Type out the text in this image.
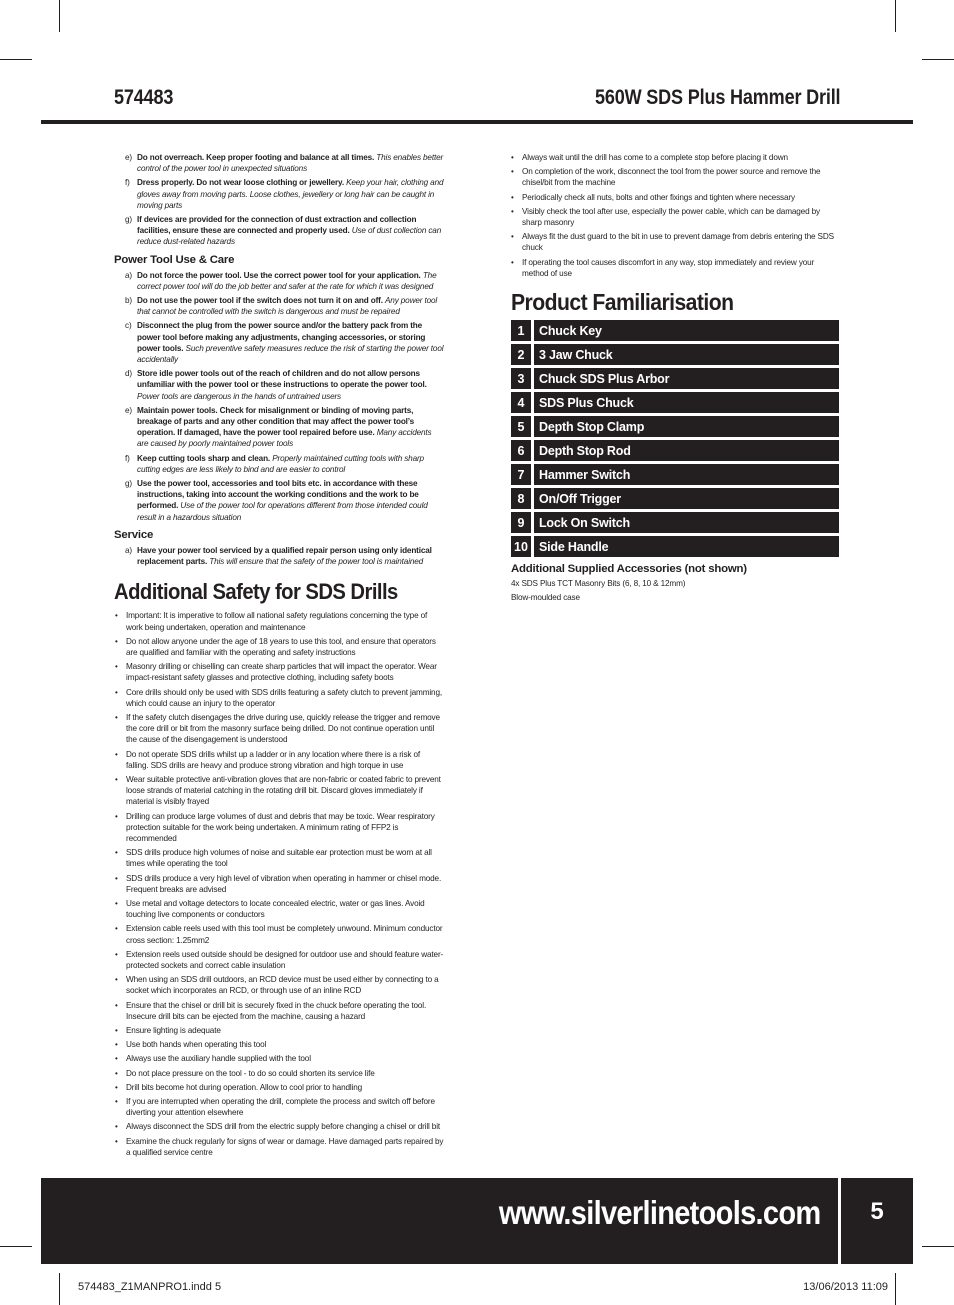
574483	560W SDS Plus Hammer Drill
e) Do not overreach. Keep proper footing and balance at all times. This enables better control of the power tool in unexpected situations
f) Dress properly. Do not wear loose clothing or jewellery. Keep your hair, clothing and gloves away from moving parts. Loose clothes, jewellery or long hair can be caught in moving parts
g) If devices are provided for the connection of dust extraction and collection facilities, ensure these are connected and properly used. Use of dust collection can reduce dust-related hazards
Power Tool Use & Care
a) Do not force the power tool. Use the correct power tool for your application. The correct power tool will do the job better and safer at the rate for which it was designed
b) Do not use the power tool if the switch does not turn it on and off. Any power tool that cannot be controlled with the switch is dangerous and must be repaired
c) Disconnect the plug from the power source and/or the battery pack from the power tool before making any adjustments, changing accessories, or storing power tools. Such preventive safety measures reduce the risk of starting the power tool accidentally
d) Store idle power tools out of the reach of children and do not allow persons unfamiliar with the power tool or these instructions to operate the power tool. Power tools are dangerous in the hands of untrained users
e) Maintain power tools. Check for misalignment or binding of moving parts, breakage of parts and any other condition that may affect the power tool’s operation. If damaged, have the power tool repaired before use. Many accidents are caused by poorly maintained power tools
f) Keep cutting tools sharp and clean. Properly maintained cutting tools with sharp cutting edges are less likely to bind and are easier to control
g) Use the power tool, accessories and tool bits etc. in accordance with these instructions, taking into account the working conditions and the work to be performed. Use of the power tool for operations different from those intended could result in a hazardous situation
Service
a) Have your power tool serviced by a qualified repair person using only identical replacement parts. This will ensure that the safety of the power tool is maintained
Additional Safety for SDS Drills
• Important: It is imperative to follow all national safety regulations concerning the type of work being undertaken, operation and maintenance
• Do not allow anyone under the age of 18 years to use this tool, and ensure that operators are qualified and familiar with the operating and safety instructions
• Masonry drilling or chiselling can create sharp particles that will impact the operator. Wear impact-resistant safety glasses and protective clothing, including safety boots
• Core drills should only be used with SDS drills featuring a safety clutch to prevent jamming, which could cause an injury to the operator
• If the safety clutch disengages the drive during use, quickly release the trigger and remove the core drill or bit from the masonry surface being drilled. Do not continue operation until the cause of the disengagement is understood
• Do not operate SDS drills whilst up a ladder or in any location where there is a risk of falling. SDS drills are heavy and produce strong vibration and high torque in use
• Wear suitable protective anti-vibration gloves that are non-fabric or coated fabric to prevent loose strands of material catching in the rotating drill bit. Discard gloves immediately if material is visibly frayed
• Drilling can produce large volumes of dust and debris that may be toxic. Wear respiratory protection suitable for the work being undertaken. A minimum rating of FFP2 is recommended
• SDS drills produce high volumes of noise and suitable ear protection must be worn at all times while operating the tool
• SDS drills produce a very high level of vibration when operating in hammer or chisel mode. Frequent breaks are advised
• Use metal and voltage detectors to locate concealed electric, water or gas lines. Avoid touching live components or conductors
• Extension cable reels used with this tool must be completely unwound. Minimum conductor cross section: 1.25mm2
• Extension reels used outside should be designed for outdoor use and should feature water-protected sockets and correct cable insulation
• When using an SDS drill outdoors, an RCD device must be used either by connecting to a socket which incorporates an RCD, or through use of an inline RCD
• Ensure that the chisel or drill bit is securely fixed in the chuck before operating the tool. Insecure drill bits can be ejected from the machine, causing a hazard
• Ensure lighting is adequate
• Use both hands when operating this tool
• Always use the auxiliary handle supplied with the tool
• Do not place pressure on the tool - to do so could shorten its service life
• Drill bits become hot during operation. Allow to cool prior to handling
• If you are interrupted when operating the drill, complete the process and switch off before diverting your attention elsewhere
• Always disconnect the SDS drill from the electric supply before changing a chisel or drill bit
• Examine the chuck regularly for signs of wear or damage. Have damaged parts repaired by a qualified service centre
• Always wait until the drill has come to a complete stop before placing it down
• On completion of the work, disconnect the tool from the power source and remove the chisel/bit from the machine
• Periodically check all nuts, bolts and other fixings and tighten where necessary
• Visibly check the tool after use, especially the power cable, which can be damaged by sharp masonry
• Always fit the dust guard to the bit in use to prevent damage from debris entering the SDS chuck
• If operating the tool causes discomfort in any way, stop immediately and review your method of use
Product Familiarisation
1	Chuck Key
2	3 Jaw Chuck
3	Chuck SDS Plus Arbor
4	SDS Plus Chuck
5	Depth Stop Clamp
6	Depth Stop Rod
7	Hammer Switch
8	On/Off Trigger
9	Lock On Switch
10 Side Handle
Additional Supplied Accessories (not shown)

4x SDS Plus TCT Masonry Bits (6, 8, 10 & 12mm)

Blow-moulded case

www.silverlinetools.com	5
574483_Z1MANPRO1.indd 5	13/06/2013 11:09
